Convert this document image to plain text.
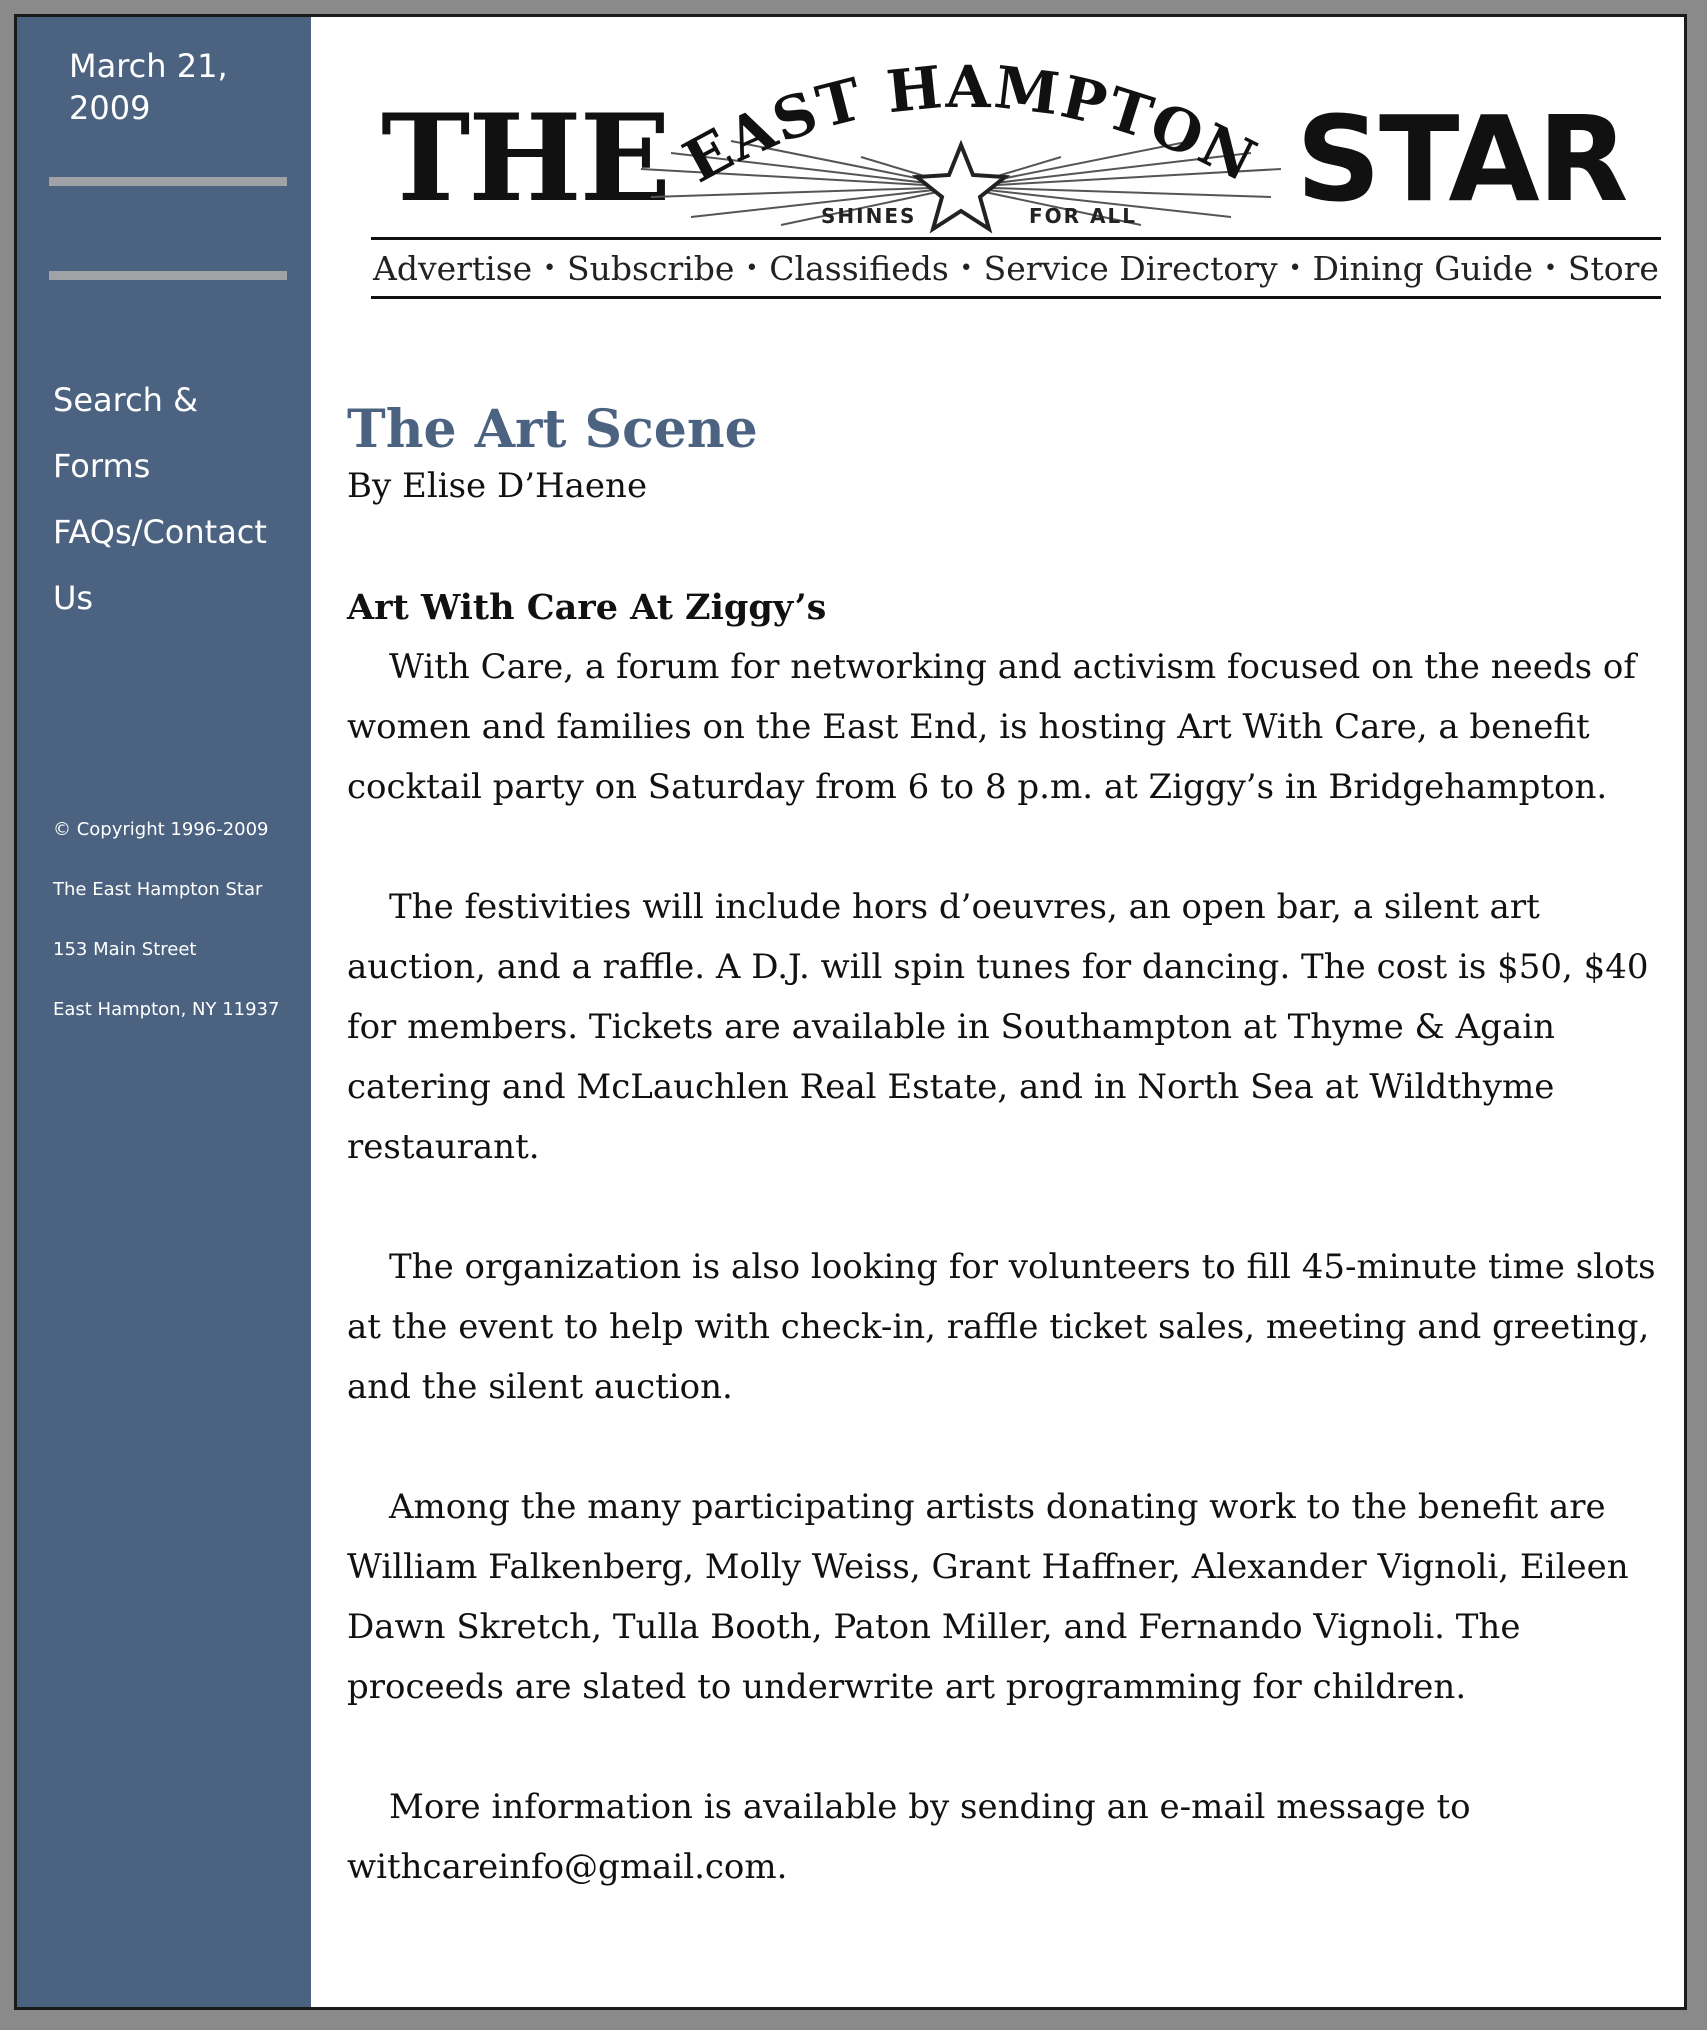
March 21, 2009
Search &
Forms
FAQs/Contact
Us
© Copyright 1996-2009
The East Hampton Star
153 Main Street
East Hampton, NY 11937
THE EAST HAMPTON
SHINES	FOR ALL STAR
Advertise • Subscribe • Classifieds • Service Directory • Dining Guide • Store
The Art Scene

By Elise D’Haene

Art With Care At Ziggy’s

With Care, a forum for networking and activism focused on the needs of women and families on the East End, is hosting Art With Care, a benefit cocktail party on Saturday from 6 to 8 p.m. at Ziggy’s in Bridgehampton.

The festivities will include hors d’oeuvres, an open bar, a silent art auction, and a raffle. A D.J. will spin tunes for dancing. The cost is $50, $40 for members. Tickets are available in Southampton at Thyme & Again catering and McLauchlen Real Estate, and in North Sea at Wildthyme restaurant.

The organization is also looking for volunteers to fill 45-minute time slots at the event to help with check-in, raffle ticket sales, meeting and greeting, and the silent auction.

Among the many participating artists donating work to the benefit are William Falkenberg, Molly Weiss, Grant Haffner, Alexander Vignoli, Eileen Dawn Skretch, Tulla Booth, Paton Miller, and Fernando Vignoli. The proceeds are slated to underwrite art programming for children.

More information is available by sending an e-mail message to withcareinfo@gmail.com.
